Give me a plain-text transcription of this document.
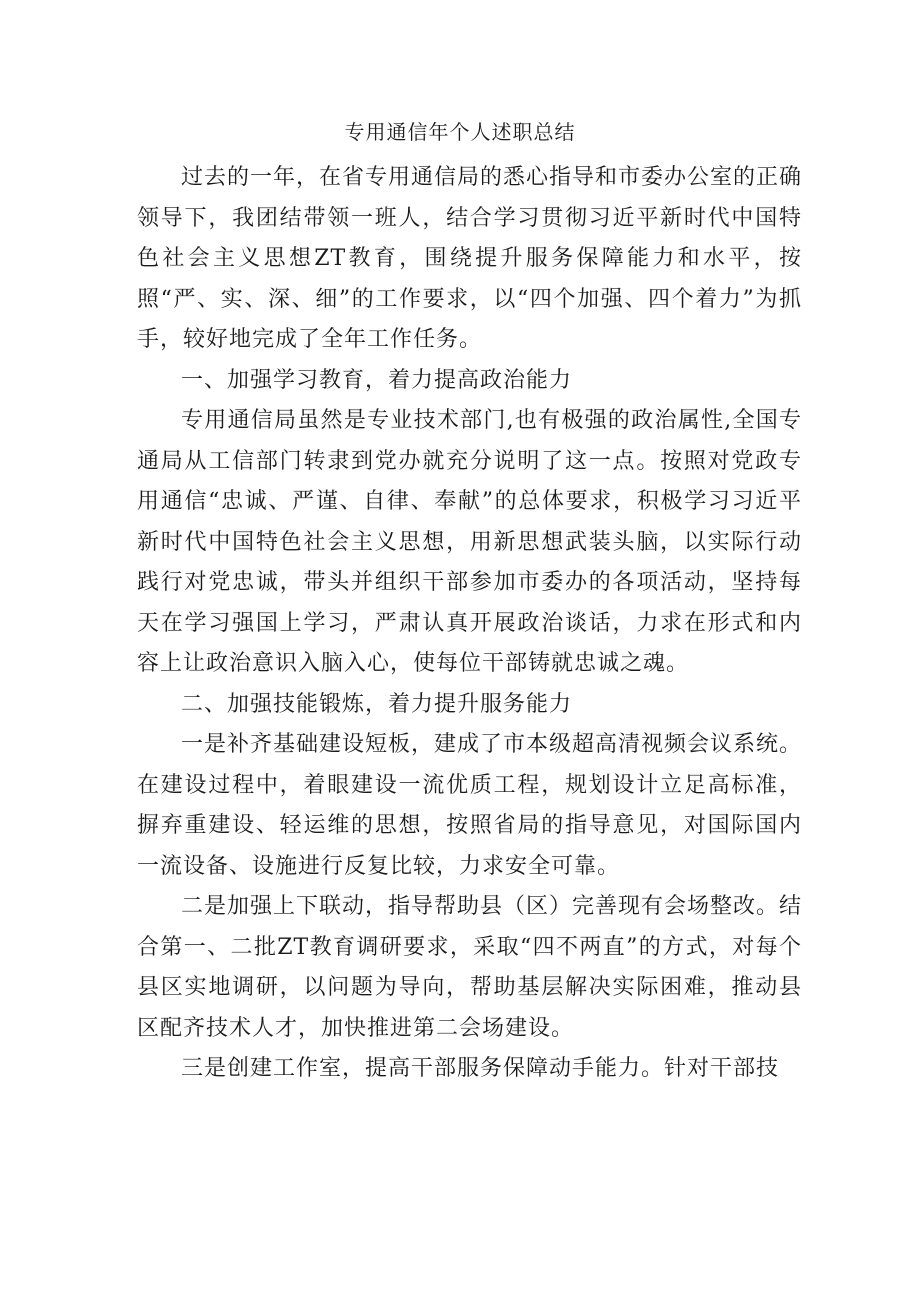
专用通信年个人述职总结

过去的一年，在省专用通信局的悉心指导和市委办公室的正确领导下，我团结带领一班人，结合学习贯彻习近平新时代中国特色社会主义思想ZT教育，围绕提升服务保障能力和水平，按照“严、实、深、细”的工作要求，以“四个加强、四个着力”为抓手，较好地完成了全年工作任务。

一、加强学习教育，着力提高政治能力

专用通信局虽然是专业技术部门,也有极强的政治属性,全国专通局从工信部门转隶到党办就充分说明了这一点。按照对党政专用通信“忠诚、严谨、自律、奉献”的总体要求，积极学习习近平新时代中国特色社会主义思想，用新思想武装头脑，以实际行动践行对党忠诚，带头并组织干部参加市委办的各项活动，坚持每天在学习强国上学习，严肃认真开展政治谈话，力求在形式和内容上让政治意识入脑入心，使每位干部铸就忠诚之魂。

二、加强技能锻炼，着力提升服务能力

一是补齐基础建设短板，建成了市本级超高清视频会议系统。在建设过程中，着眼建设一流优质工程，规划设计立足高标准，摒弃重建设、轻运维的思想，按照省局的指导意见，对国际国内一流设备、设施进行反复比较，力求安全可靠。

二是加强上下联动，指导帮助县（区）完善现有会场整改。结合第一、二批ZT教育调研要求，采取“四不两直”的方式，对每个县区实地调研，以问题为导向，帮助基层解决实际困难，推动县区配齐技术人才，加快推进第二会场建设。

三是创建工作室，提高干部服务保障动手能力。针对干部技
